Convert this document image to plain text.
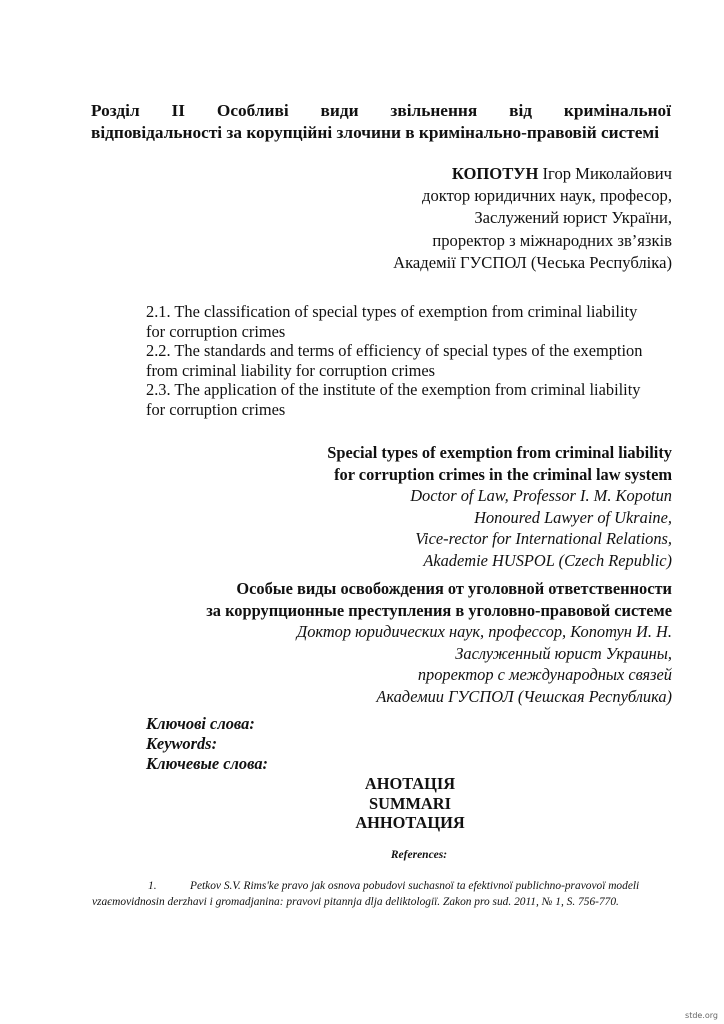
Розділ ІІ Особливі види звільнення від кримінальної
відповідальності за корупційні злочини в кримінально-правовій системі
КОПОТУН Ігор Миколайович
доктор юридичних наук, професор,
Заслужений юрист України,
проректор з міжнародних зв’язків
Академії ГУСПОЛ (Чеська Республіка)
2.1. The classification of special types of exemption from criminal liability
for corruption crimes
2.2. The standards and terms of efficiency of special types of the exemption
from criminal liability for corruption crimes
2.3. The application of the institute of the exemption from criminal liability
for corruption crimes
Special types of exemption from criminal liability
for corruption crimes in the criminal law system
Doctor of Law, Professor I. M. Kopotun
Honoured Lawyer of Ukraine,
Vice-rector for International Relations,
Akademie HUSPOL (Czech Republic)
Особые виды освобождения от уголовной ответственности
за коррупционные преступления в уголовно-правовой системе
Доктор юридических наук, профессор, Копотун И. Н.
Заслуженный юрист Украины,
проректор с международных связей
Академии ГУСПОЛ (Чешская Республика)
Ключові слова:
Keywords:
Ключевые слова:
АНОТАЦІЯ
SUMMARI
АННОТАЦИЯ
References:
1.	Petkov S.V. Rims'ke pravo jak osnova pobudovi suchasnoї ta efektivnoї publichno-pravovoї modeli
vzaєmovidnosin derzhavi i gromadjanina: pravovi pitannja dlja deliktologiї. Zakon pro sud. 2011, № 1, S. 756-770.
stde.org
